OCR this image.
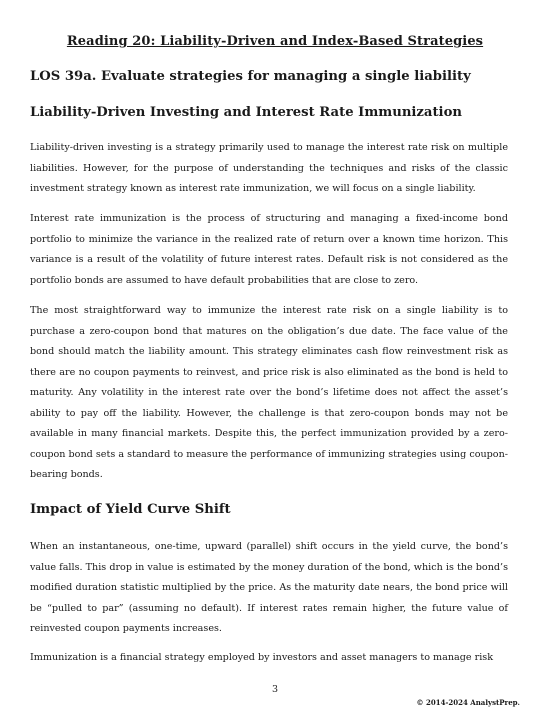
Reading 20: Liability-Driven and Index-Based Strategies
LOS 39a. Evaluate strategies for managing a single liability
Liability-Driven Investing and Interest Rate Immunization

Liability-driven investing is a strategy primarily used to manage the interest rate risk on multiple liabilities. However, for the purpose of understanding the techniques and risks of the classic investment strategy known as interest rate immunization, we will focus on a single liability.

Interest rate immunization is the process of structuring and managing a fixed-income bond portfolio to minimize the variance in the realized rate of return over a known time horizon. This variance is a result of the volatility of future interest rates. Default risk is not considered as the portfolio bonds are assumed to have default probabilities that are close to zero.

The most straightforward way to immunize the interest rate risk on a single liability is to purchase a zero-coupon bond that matures on the obligation’s due date. The face value of the bond should match the liability amount. This strategy eliminates cash flow reinvestment risk as there are no coupon payments to reinvest, and price risk is also eliminated as the bond is held to maturity. Any volatility in the interest rate over the bond’s lifetime does not affect the asset’s ability to pay off the liability. However, the challenge is that zero-coupon bonds may not be available in many financial markets. Despite this, the perfect immunization provided by a zero-coupon bond sets a standard to measure the performance of immunizing strategies using coupon-bearing bonds.

Impact of Yield Curve Shift

When an instantaneous, one-time, upward (parallel) shift occurs in the yield curve, the bond’s value falls. This drop in value is estimated by the money duration of the bond, which is the bond’s modified duration statistic multiplied by the price. As the maturity date nears, the bond price will be “pulled to par” (assuming no default). If interest rates remain higher, the future value of reinvested coupon payments increases.

Immunization is a financial strategy employed by investors and asset managers to manage risk

3
© 2014-2024 AnalystPrep.
